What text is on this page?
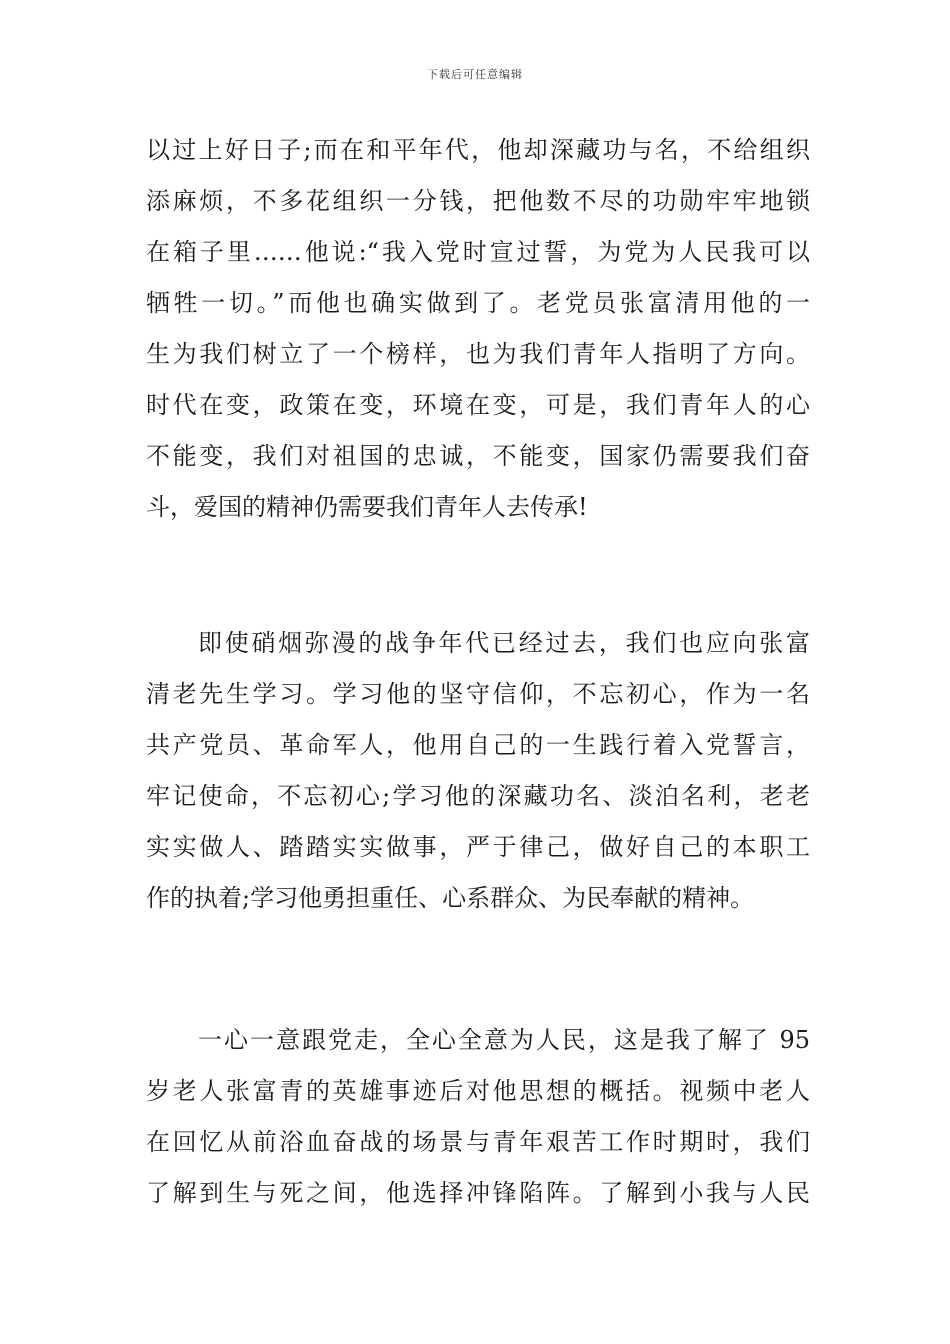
下载后可任意编辑
以过上好日子;而在和平年代，他却深藏功与名，不给组织
添麻烦，不多花组织一分钱，把他数不尽的功勋牢牢地锁
在箱子里……他说:“我入党时宣过誓，为党为人民我可以
牺牲一切。”而他也确实做到了。老党员张富清用他的一
生为我们树立了一个榜样，也为我们青年人指明了方向。
时代在变，政策在变，环境在变，可是，我们青年人的心
不能变，我们对祖国的忠诚，不能变，国家仍需要我们奋
斗，爱国的精神仍需要我们青年人去传承!
即使硝烟弥漫的战争年代已经过去，我们也应向张富
清老先生学习。学习他的坚守信仰，不忘初心，作为一名
共产党员、革命军人，他用自己的一生践行着入党誓言，
牢记使命，不忘初心;学习他的深藏功名、淡泊名利，老老
实实做人、踏踏实实做事，严于律己，做好自己的本职工
作的执着;学习他勇担重任、心系群众、为民奉献的精神。
一心一意跟党走，全心全意为人民，这是我了解了 95
岁老人张富青的英雄事迹后对他思想的概括。视频中老人
在回忆从前浴血奋战的场景与青年艰苦工作时期时，我们
了解到生与死之间，他选择冲锋陷阵。了解到小我与人民
